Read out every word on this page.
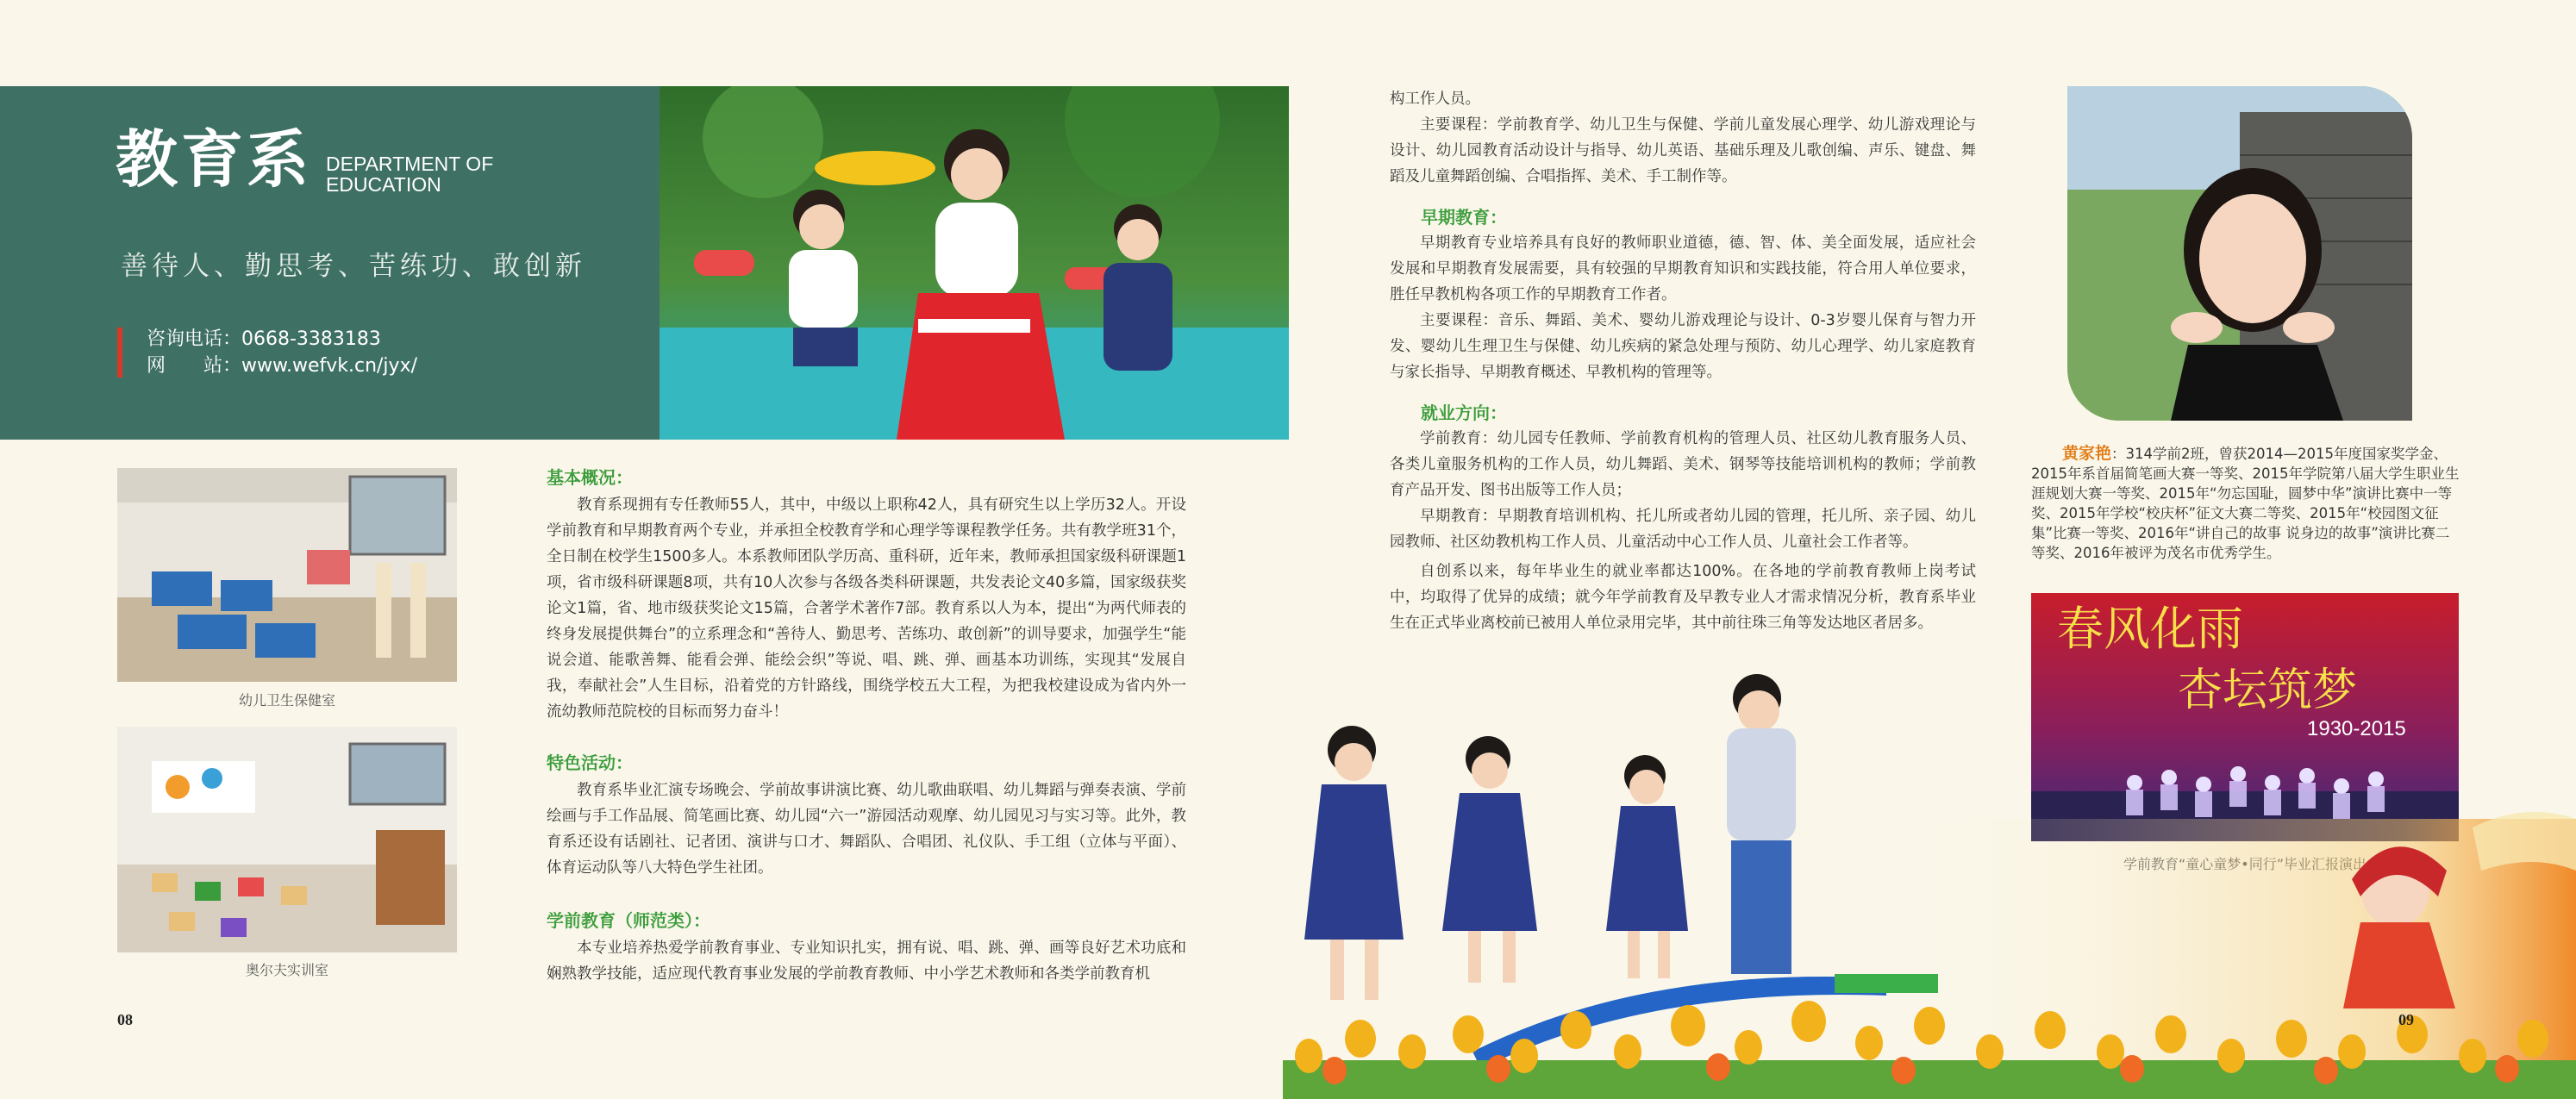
教育系 DEPARTMENT OF EDUCATION
善待人、勤思考、苦练功、敢创新
咨询电话：0668-3383183
网　　站：www.wefvk.cn/jyx/
幼儿卫生保健室
奥尔夫实训室
基本概况：
教育系现拥有专任教师55人，其中，中级以上职称42人，具有研究生以上学历32人。开设学前教育和早期教育两个专业，并承担全校教育学和心理学等课程教学任务。共有教学班31个，全日制在校学生1500多人。本系教师团队学历高、重科研，近年来，教师承担国家级科研课题1项，省市级科研课题8项，共有10人次参与各级各类科研课题，共发表论文40多篇，国家级获奖论文1篇，省、地市级获奖论文15篇，合著学术著作7部。教育系以人为本，提出“为两代师表的终身发展提供舞台”的立系理念和“善待人、勤思考、苦练功、敢创新”的训导要求，加强学生“能说会道、能歌善舞、能看会弹、能绘会织”等说、唱、跳、弹、画基本功训练，实现其“发展自我，奉献社会”人生目标，沿着党的方针路线，围绕学校五大工程，为把我校建设成为省内外一流幼教师范院校的目标而努力奋斗！
特色活动：
教育系毕业汇演专场晚会、学前故事讲演比赛、幼儿歌曲联唱、幼儿舞蹈与弹奏表演、学前绘画与手工作品展、简笔画比赛、幼儿园“六一”游园活动观摩、幼儿园见习与实习等。此外，教育系还设有话剧社、记者团、演讲与口才、舞蹈队、合唱团、礼仪队、手工组（立体与平面）、体育运动队等八大特色学生社团。
学前教育（师范类）：
本专业培养热爱学前教育事业、专业知识扎实，拥有说、唱、跳、弹、画等良好艺术功底和娴熟教学技能，适应现代教育事业发展的学前教育教师、中小学艺术教师和各类学前教育机
08
构工作人员。
主要课程：学前教育学、幼儿卫生与保健、学前儿童发展心理学、幼儿游戏理论与设计、幼儿园教育活动设计与指导、幼儿英语、基础乐理及儿歌创编、声乐、键盘、舞蹈及儿童舞蹈创编、合唱指挥、美术、手工制作等。
早期教育：
早期教育专业培养具有良好的教师职业道德，德、智、体、美全面发展，适应社会发展和早期教育发展需要，具有较强的早期教育知识和实践技能，符合用人单位要求，胜任早教机构各项工作的早期教育工作者。
主要课程：音乐、舞蹈、美术、婴幼儿游戏理论与设计、0-3岁婴儿保育与智力开发、婴幼儿生理卫生与保健、幼儿疾病的紧急处理与预防、幼儿心理学、幼儿家庭教育与家长指导、早期教育概述、早教机构的管理等。
就业方向：
学前教育：幼儿园专任教师、学前教育机构的管理人员、社区幼儿教育服务人员、各类儿童服务机构的工作人员，幼儿舞蹈、美术、钢琴等技能培训机构的教师；学前教育产品开发、图书出版等工作人员；
早期教育：早期教育培训机构、托儿所或者幼儿园的管理，托儿所、亲子园、幼儿园教师、社区幼教机构工作人员、儿童活动中心工作人员、儿童社会工作者等。
自创系以来，每年毕业生的就业率都达100%。在各地的学前教育教师上岗考试中，均取得了优异的成绩；就今年学前教育及早教专业人才需求情况分析，教育系毕业生在正式毕业离校前已被用人单位录用完毕，其中前往珠三角等发达地区者居多。
黄家艳：314学前2班，曾获2014—2015年度国家奖学金、2015年系首届简笔画大赛一等奖、2015年学院第八届大学生职业生涯规划大赛一等奖、2015年“勿忘国耻，圆梦中华”演讲比赛中一等奖、2015年学校“校庆杯”征文大赛二等奖、2015年“校园图文征集”比赛一等奖、2016年“讲自己的故事 说身边的故事”演讲比赛二等奖、2016年被评为茂名市优秀学生。
春风化雨
杏坛筑梦
1930-2015
09
